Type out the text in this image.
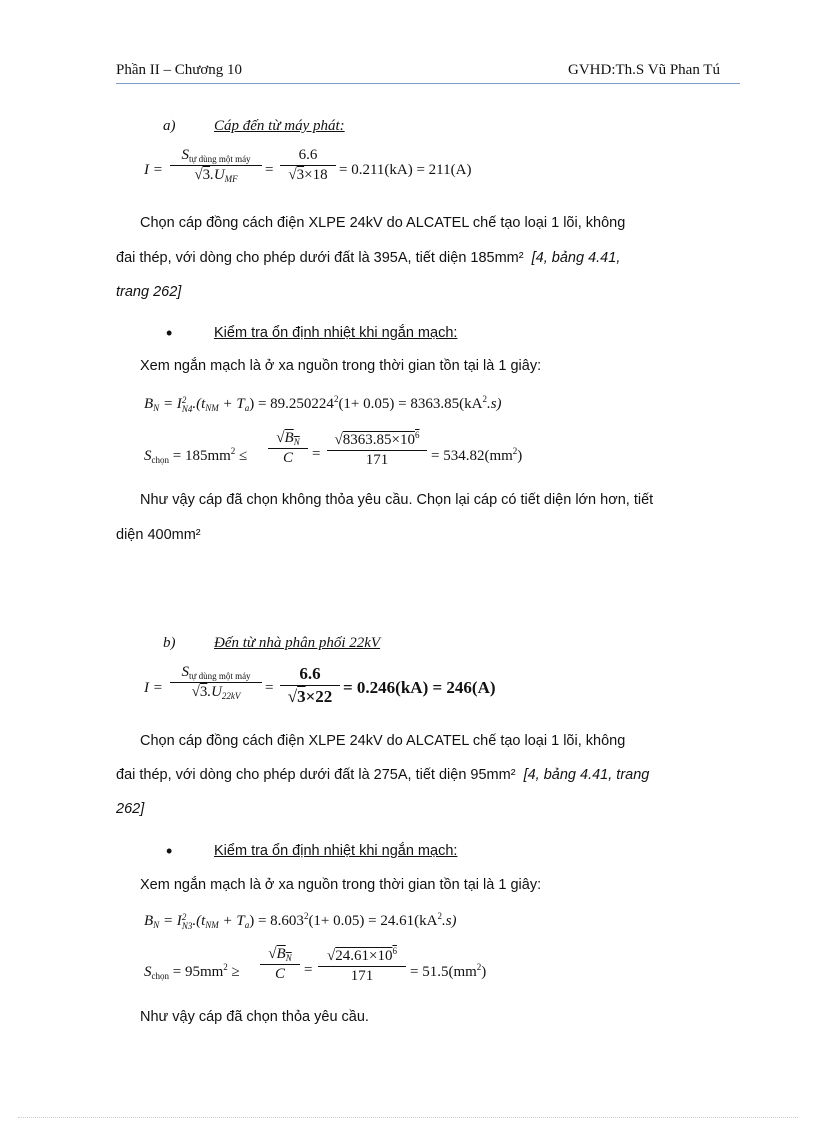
Phần II – Chương 10	GVHD:Th.S Vũ Phan Tú
a)	Cáp đến từ máy phát:
I =
$S_{tự dùng một máy}$
$√3.U_{MF}$
= $\frac{6.6}{√3\times 18} = 0.211(kA) = 211(A)$
Chọn cáp đồng cách điện XLPE 24kV do ALCATEL chế tạo loại 1 lõi, không
đai thép, với dòng cho phép dưới đất là 395A, tiết diện 185mm² [4, bảng 4.41,
trang 262]
•	Kiểm tra ổn định nhiệt khi ngắn mạch:
Xem ngắn mạch là ở xa nguồn trong thời gian tồn tại là 1 giây:
$B_N = I$ 2
N4 $.(t_{NM} + T_a) = 89.250224^2(1+ 0.05) = 8363.85(kA^2.s)$
$S_{chọn} = 185mm^2 \le \frac{√B_N}{C} = \frac{√8363.85\times 10^6}{171} = 534.82(mm^2)$
Như vậy cáp đã chọn không thỏa yêu cầu. Chọn lại cáp có tiết diện lớn hơn, tiết
diện 400mm²
b)	Đến từ nhà phân phối 22kV
I =
$S_{tự dùng một máy}$
$√3.U_{22kV}$	= $\frac{6.6}{√3\times 22} = 0.246(kA) = 246(A)$
Chọn cáp đồng cách điện XLPE 24kV do ALCATEL chế tạo loại 1 lõi, không
đai thép, với dòng cho phép dưới đất là 275A, tiết diện 95mm² [4, bảng 4.41, trang
262]
•	Kiểm tra ổn định nhiệt khi ngắn mạch:
Xem ngắn mạch là ở xa nguồn trong thời gian tồn tại là 1 giây:
$B_N = I$ 2
N3 $.(t_{NM} + T_a) = 8.603^2(1+ 0.05) = 24.61(kA^2.s)$
$S_{chọn} = 95mm^2 \ge \frac{√B_N}{C} = \frac{√24.61\times 10^6}{171} = 51.5(mm^2)$
Như vậy cáp đã chọn thỏa yêu cầu.
